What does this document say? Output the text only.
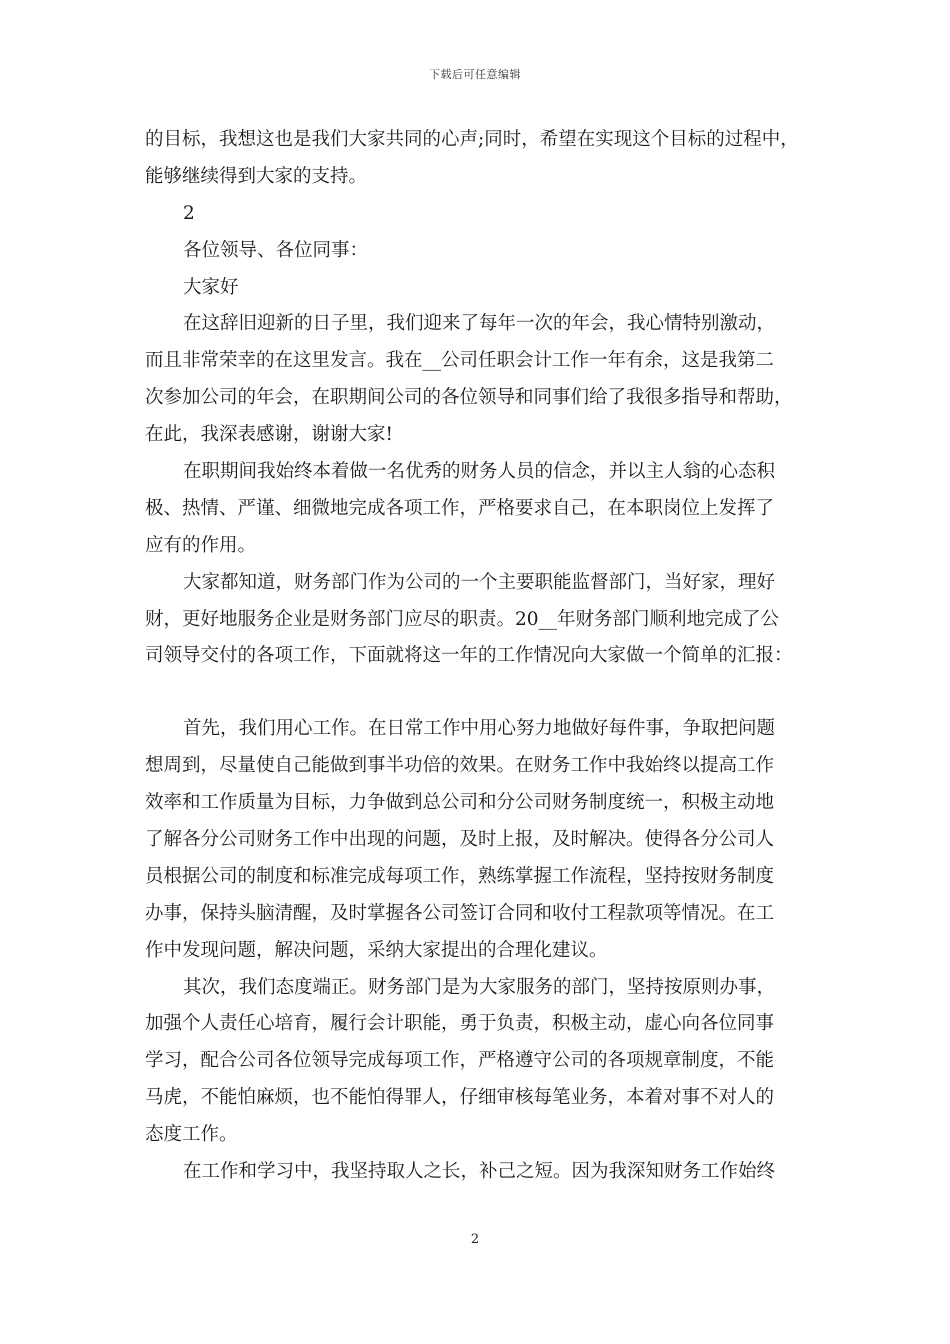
下载后可任意编辑
的目标，我想这也是我们大家共同的心声;同时，希望在实现这个目标的过程中，
能够继续得到大家的支持。
2
各位领导、各位同事：
大家好
在这辞旧迎新的日子里，我们迎来了每年一次的年会，我心情特别激动，
而且非常荣幸的在这里发言。我在__公司任职会计工作一年有余，这是我第二
次参加公司的年会，在职期间公司的各位领导和同事们给了我很多指导和帮助，
在此，我深表感谢，谢谢大家!
在职期间我始终本着做一名优秀的财务人员的信念，并以主人翁的心态积
极、热情、严谨、细微地完成各项工作，严格要求自己，在本职岗位上发挥了
应有的作用。
大家都知道，财务部门作为公司的一个主要职能监督部门，当好家，理好
财，更好地服务企业是财务部门应尽的职责。20__年财务部门顺利地完成了公
司领导交付的各项工作，下面就将这一年的工作情况向大家做一个简单的汇报：
首先，我们用心工作。在日常工作中用心努力地做好每件事，争取把问题
想周到，尽量使自己能做到事半功倍的效果。在财务工作中我始终以提高工作
效率和工作质量为目标，力争做到总公司和分公司财务制度统一，积极主动地
了解各分公司财务工作中出现的问题，及时上报，及时解决。使得各分公司人
员根据公司的制度和标准完成每项工作，熟练掌握工作流程，坚持按财务制度
办事，保持头脑清醒，及时掌握各公司签订合同和收付工程款项等情况。在工
作中发现问题，解决问题，采纳大家提出的合理化建议。
其次，我们态度端正。财务部门是为大家服务的部门，坚持按原则办事，
加强个人责任心培育，履行会计职能，勇于负责，积极主动，虚心向各位同事
学习，配合公司各位领导完成每项工作，严格遵守公司的各项规章制度，不能
马虎，不能怕麻烦，也不能怕得罪人，仔细审核每笔业务，本着对事不对人的
态度工作。
在工作和学习中，我坚持取人之长，补己之短。因为我深知财务工作始终
2
